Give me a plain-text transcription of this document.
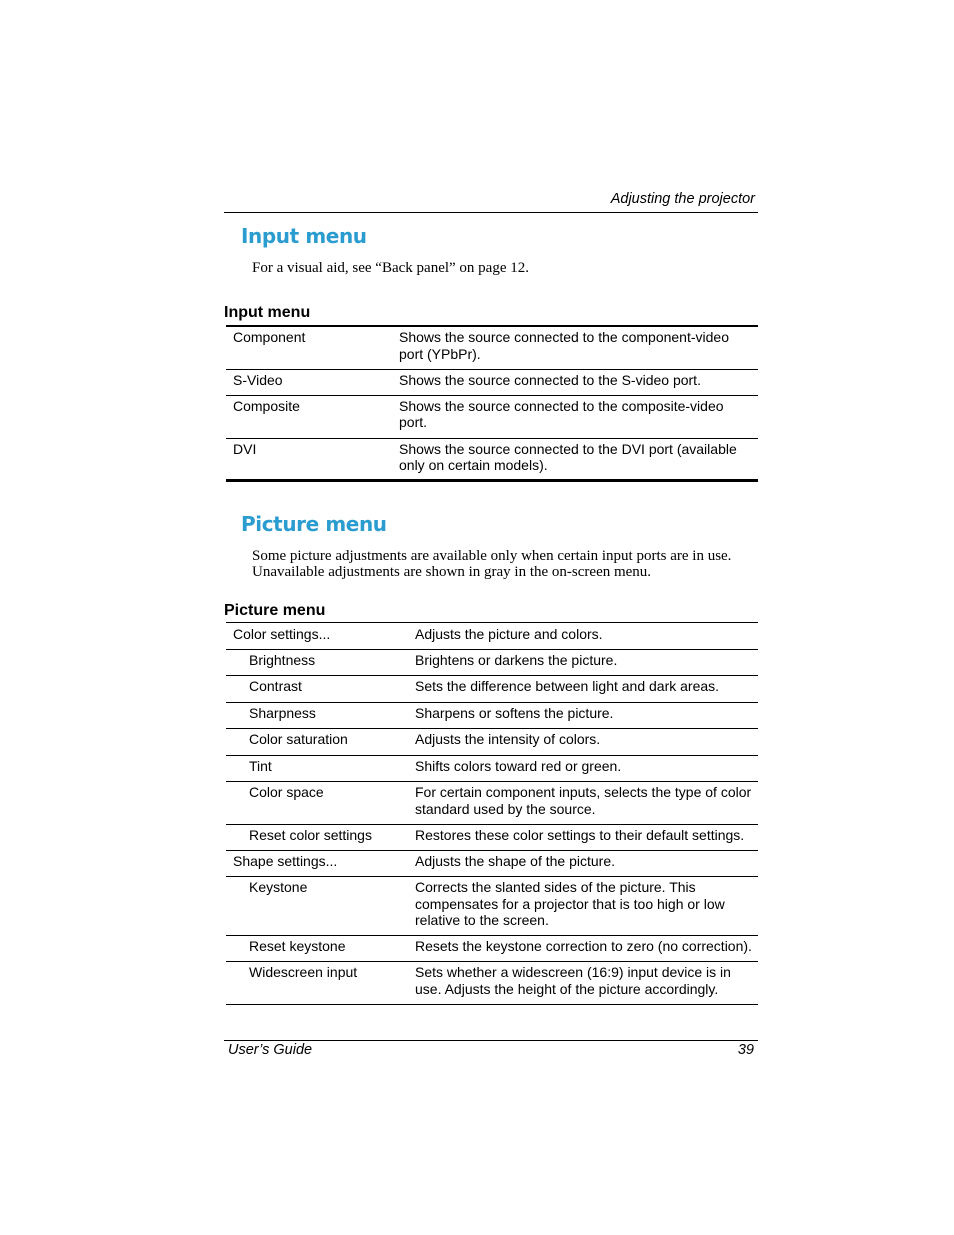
Adjusting the projector
Input menu

For a visual aid, see “Back panel” on page 12.

Input menu
Component	Shows the source connected to the component-video port (YPbPr).
S-Video	Shows the source connected to the S-video port.
Composite	Shows the source connected to the composite-video port.
DVI	Shows the source connected to the DVI port (available only on certain models).
Picture menu

Some picture adjustments are available only when certain input ports are in use. Unavailable adjustments are shown in gray in the on-screen menu.

Picture menu
Color settings...	Adjusts the picture and colors.
Brightness	Brightens or darkens the picture.
Contrast	Sets the difference between light and dark areas.
Sharpness	Sharpens or softens the picture.
Color saturation	Adjusts the intensity of colors.
Tint	Shifts colors toward red or green.
Color space	For certain component inputs, selects the type of color standard used by the source.
Reset color settings	Restores these color settings to their default settings.
Shape settings...	Adjusts the shape of the picture.
Keystone	Corrects the slanted sides of the picture. This compensates for a projector that is too high or low relative to the screen.
Reset keystone	Resets the keystone correction to zero (no correction).
Widescreen input	Sets whether a widescreen (16:9) input device is in use. Adjusts the height of the picture accordingly.
User’s Guide	39
